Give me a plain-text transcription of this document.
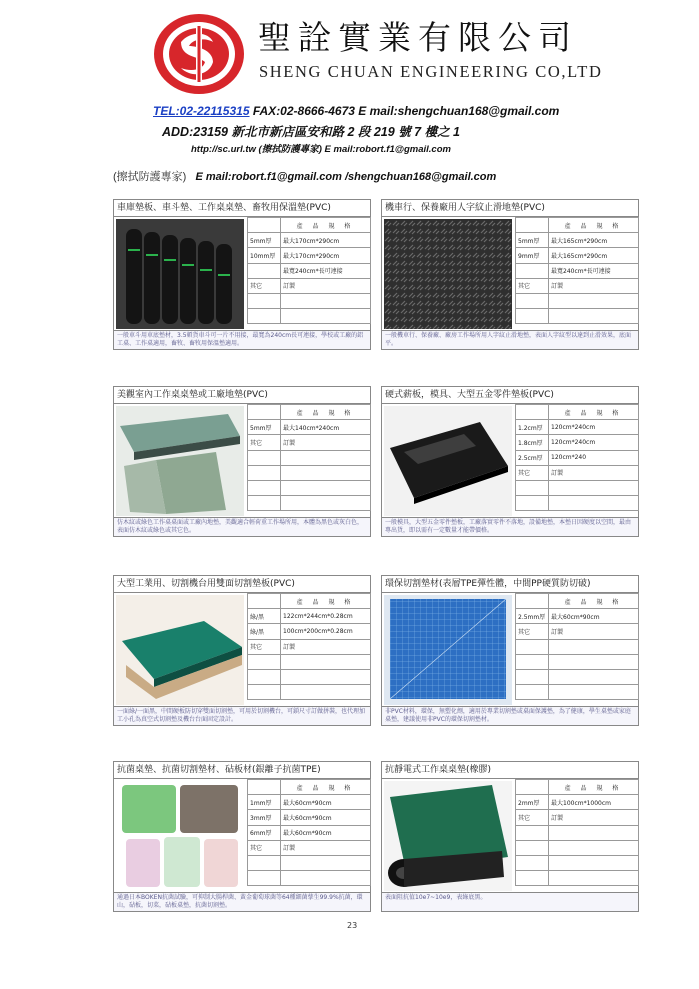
聖詮實業有限公司
SHENG CHUAN ENGINEERING CO,LTD
TEL:02-22115315 FAX:02-8666-4673 E mail:shengchuan168@gmail.com
ADD:23159 新北市新店區安和路 2 段 219 號 7 樓之 1
http://sc.url.tw (擦拭防護專家) E mail:robort.f1@gmail.com
(擦拭防護專家) E mail:robort.f1@gmail.com /shengchuan168@gmail.com
車庫墊板、車斗墊、工作桌桌墊、畜牧用保溫墊(PVC)
	產 品 規 格
5mm厚	最大170cm*290cm
10mm厚	最大170cm*290cm
	最寬240cm*長可連接
其它	訂製

一般車斗用車底墊材，3.5頓貨車斗可一片不用接，最寬為240cm長可連接，學校或工廠的鋁工桌、工作桌適用，畜牧、畜牧用保溫墊適用。
機車行、保養廠用人字紋止滑地墊(PVC)
	產 品 規 格
5mm厚	最大165cm*290cm
9mm厚	最大165cm*290cm
	最寬240cm*長可連接
其它	訂製

一般機車行、保養廠、廠房工作場所用人字紋止滑地墊，表面人字紋型以達到止滑效果，底面平。
美觀室內工作桌桌墊或工廠地墊(PVC)
	產 品 規 格
5mm厚	最大140cm*240cm
其它	訂製

仿木紋或綠色工作桌桌面或工廠內地墊，美觀適合輕荷重工作場所用，本體為黑色或灰白色，表面仿木紋或綠色或其它色。
硬式薪板，模具、大型五金零件墊板(PVC)
	產 品 規 格
1.2cm厚	120cm*240cm
1.8cm厚	120cm*240cm
2.5cm厚	120cm*240
其它	訂製

一般模具，大型五金零件墊板，工廠落實零件不落地，設備地墊，本墊日因硬度以空間，最由專出貨，即以需有一定數量才能帶價格。
大型工業用、切割機台用雙面切割墊板(PVC)
	產 品 規 格
綠/黑	122cm*244cm*0.28cm
綠/黑	100cm*200cm*0.28cm
其它	訂製

一面綠/一面黑，中間硬板防切穿雙面切割墊，可用於切割機台，可鎖尺寸訂做拼裝，也代理加工小孔為真空式切割墊及機台台面固定設計。
環保切割墊材(表層TPE彈性體，中間PP硬質防切破)
	產 品 規 格
2.5mm厚	最大60cm*90cm
其它	訂製

非PVC材料，環保，無塑化劑，適用於專業切割墊或桌面保護墊，為了健康，學生桌墊或家庭桌墊，建議使用非PVC的環保切割墊材。
抗菌桌墊、抗菌切割墊材、砧板材(銀離子抗菌TPE)
	產 品 規 格
1mm厚	最大60cm*90cm
3mm厚	最大60cm*90cm
6mm厚	最大60cm*90cm
其它	訂製

通過日本BOKEN抗菌試驗，可抑制大腸桿菌、黃金葡萄球菌等64種細菌孳生99.9%抗菌，環山，砧板，切菜，砧板桌墊，抗菌切割墊。
抗靜電式工作桌桌墊(橡膠)
	產 品 規 格
2mm厚	最大100cm*1000cm
其它	訂製

表面阻抗值10e7~10e9，表綠底黑。
23
